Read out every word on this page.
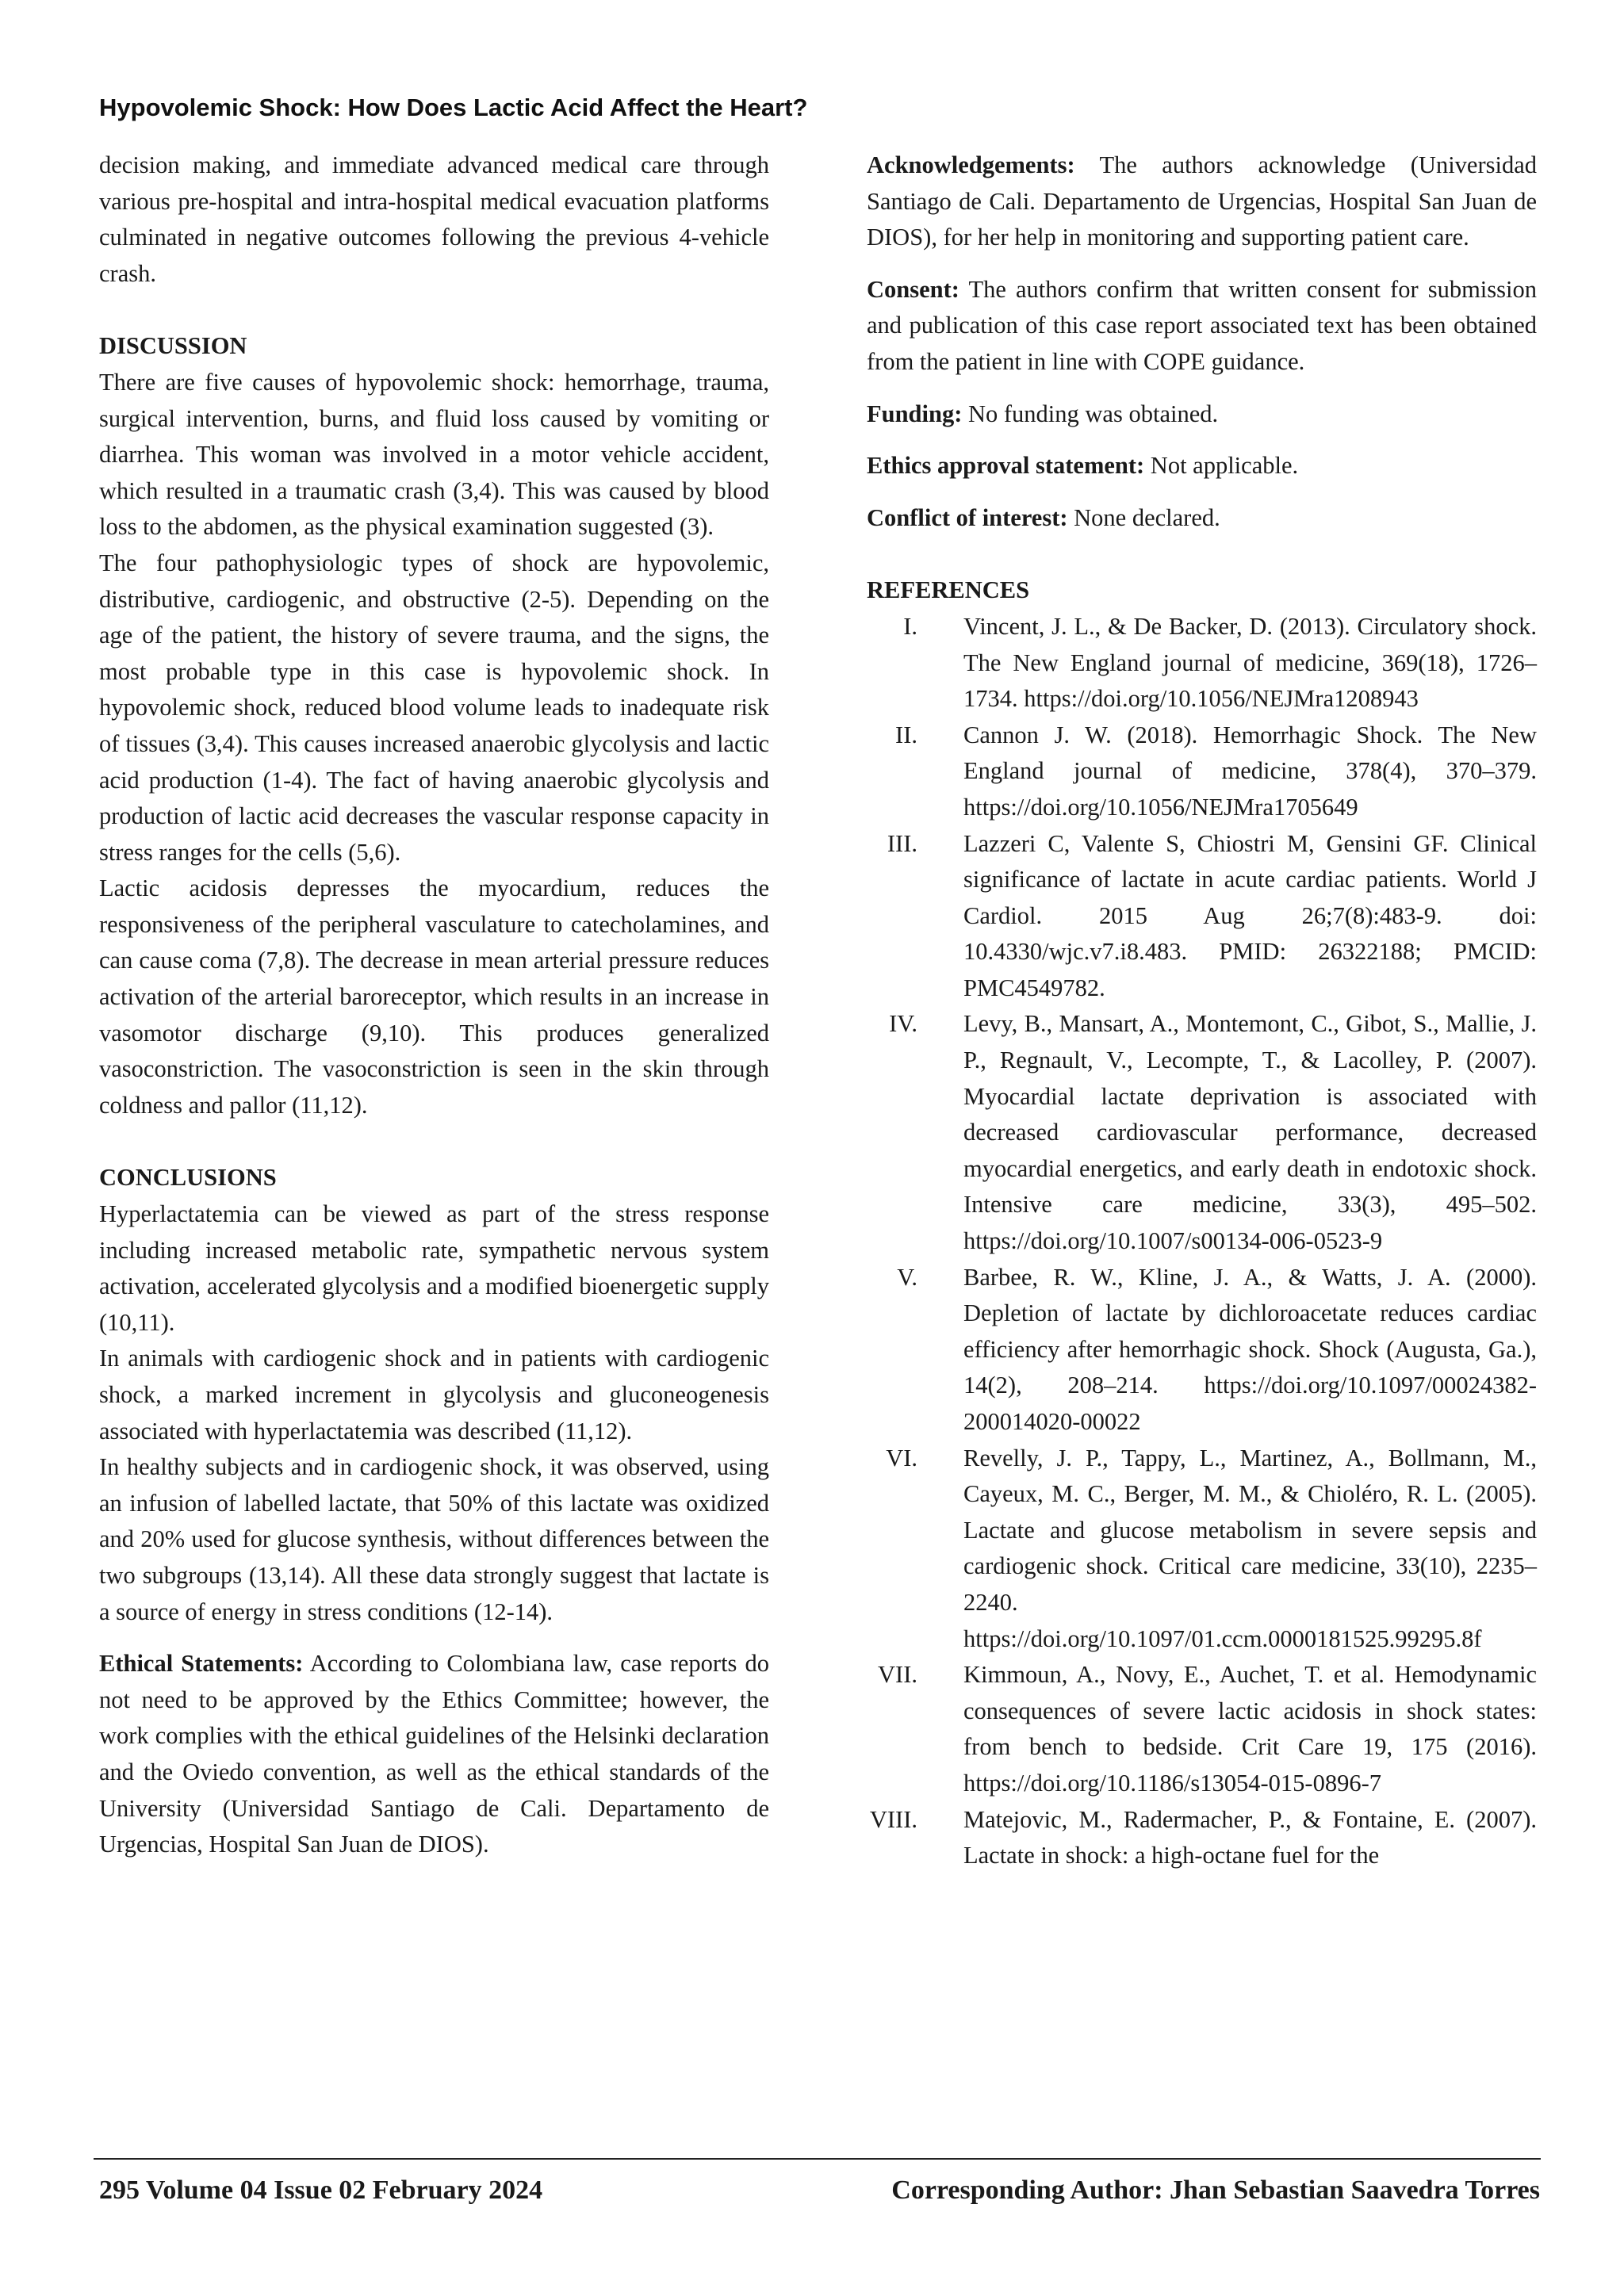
Hypovolemic Shock: How Does Lactic Acid Affect the Heart?

decision making, and immediate advanced medical care through various pre-hospital and intra-hospital medical evacuation platforms culminated in negative outcomes following the previous 4-vehicle crash.

DISCUSSION

There are five causes of hypovolemic shock: hemorrhage, trauma, surgical intervention, burns, and fluid loss caused by vomiting or diarrhea. This woman was involved in a motor vehicle accident, which resulted in a traumatic crash (3,4). This was caused by blood loss to the abdomen, as the physical examination suggested (3).

The four pathophysiologic types of shock are hypovolemic, distributive, cardiogenic, and obstructive (2-5). Depending on the age of the patient, the history of severe trauma, and the signs, the most probable type in this case is hypovolemic shock. In hypovolemic shock, reduced blood volume leads to inadequate risk of tissues (3,4). This causes increased anaerobic glycolysis and lactic acid production (1-4). The fact of having anaerobic glycolysis and production of lactic acid decreases the vascular response capacity in stress ranges for the cells (5,6).

Lactic acidosis depresses the myocardium, reduces the responsiveness of the peripheral vasculature to catecholamines, and can cause coma (7,8). The decrease in mean arterial pressure reduces activation of the arterial baroreceptor, which results in an increase in vasomotor discharge (9,10). This produces generalized vasoconstriction. The vasoconstriction is seen in the skin through coldness and pallor (11,12).

CONCLUSIONS

Hyperlactatemia can be viewed as part of the stress response including increased metabolic rate, sympathetic nervous system activation, accelerated glycolysis and a modified bioenergetic supply (10,11).

In animals with cardiogenic shock and in patients with cardiogenic shock, a marked increment in glycolysis and gluconeogenesis associated with hyperlactatemia was described (11,12).

In healthy subjects and in cardiogenic shock, it was observed, using an infusion of labelled lactate, that 50% of this lactate was oxidized and 20% used for glucose synthesis, without differences between the two subgroups (13,14). All these data strongly suggest that lactate is a source of energy in stress conditions (12-14).

Ethical Statements: According to Colombiana law, case reports do not need to be approved by the Ethics Committee; however, the work complies with the ethical guidelines of the Helsinki declaration and the Oviedo convention, as well as the ethical standards of the University (Universidad Santiago de Cali. Departamento de Urgencias, Hospital San Juan de DIOS).

Acknowledgements: The authors acknowledge (Universidad Santiago de Cali. Departamento de Urgencias, Hospital San Juan de DIOS), for her help in monitoring and supporting patient care.

Consent: The authors confirm that written consent for submission and publication of this case report associated text has been obtained from the patient in line with COPE guidance.

Funding: No funding was obtained.

Ethics approval statement: Not applicable.

Conflict of interest: None declared.

REFERENCES

I.	Vincent, J. L., & De Backer, D. (2013). Circulatory shock. The New England journal of medicine, 369(18), 1726–1734. https://doi.org/10.1056/NEJMra1208943
II.	Cannon J. W. (2018). Hemorrhagic Shock. The New England journal of medicine, 378(4), 370–379. https://doi.org/10.1056/NEJMra1705649
III.	Lazzeri C, Valente S, Chiostri M, Gensini GF. Clinical significance of lactate in acute cardiac patients. World J Cardiol. 2015 Aug 26;7(8):483-9. doi: 10.4330/wjc.v7.i8.483. PMID: 26322188; PMCID: PMC4549782.
IV.	Levy, B., Mansart, A., Montemont, C., Gibot, S., Mallie, J. P., Regnault, V., Lecompte, T., & Lacolley, P. (2007). Myocardial lactate deprivation is associated with decreased cardiovascular performance, decreased myocardial energetics, and early death in endotoxic shock. Intensive care medicine, 33(3), 495–502. https://doi.org/10.1007/s00134-006-0523-9
V.	Barbee, R. W., Kline, J. A., & Watts, J. A. (2000). Depletion of lactate by dichloroacetate reduces cardiac efficiency after hemorrhagic shock. Shock (Augusta, Ga.), 14(2), 208–214. https://doi.org/10.1097/00024382-200014020-00022
VI.	Revelly, J. P., Tappy, L., Martinez, A., Bollmann, M., Cayeux, M. C., Berger, M. M., & Chioléro, R. L. (2005). Lactate and glucose metabolism in severe sepsis and cardiogenic shock. Critical care medicine, 33(10), 2235–2240. https://doi.org/10.1097/01.ccm.0000181525.99295.8f
VII.	Kimmoun, A., Novy, E., Auchet, T. et al. Hemodynamic consequences of severe lactic acidosis in shock states: from bench to bedside. Crit Care 19, 175 (2016). https://doi.org/10.1186/s13054-015-0896-7
VIII.	Matejovic, M., Radermacher, P., & Fontaine, E. (2007). Lactate in shock: a high-octane fuel for the
295 Volume 04 Issue 02 February 2024	Corresponding Author: Jhan Sebastian Saavedra Torres
